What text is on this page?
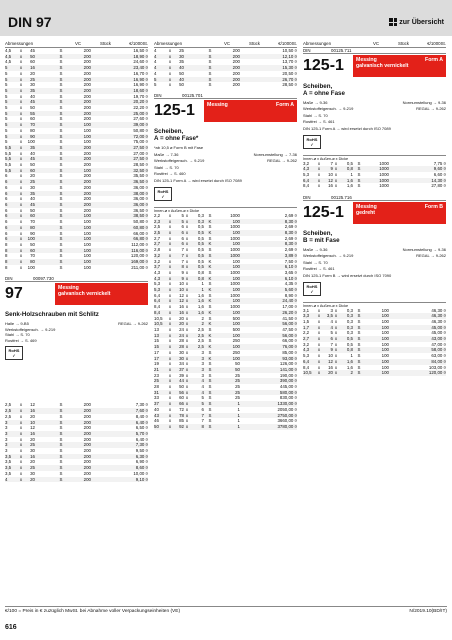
DIN 97	zur Übersicht
Abmessungen	VC	Stück	€/1000St.
4,5	x	45			S	200	16,50 ¤
4,5	x	50			S	200	18,90 ¤
4,5	x	60			S	200	24,60 ¤
5	x	16			S	200	23,40 ¤
5	x	20			S	200	16,70 ¤
5	x	25			S	200	16,90 ¤
5	x	30			S	200	16,90 ¤
5	x	35			S	200	18,60 ¤
5	x	40			S	200	19,70 ¤
5	x	45			S	200	20,20 ¤
5	x	50			S	200	22,20 ¤
5	x	55			S	200	25,00 ¤
5	x	60			S	200	27,60 ¤
5	x	70			S	100	39,00 ¤
5	x	80			S	100	50,80 ¤
5	x	90			S	100	72,00 ¤
5	x	100			S	100	75,00 ¤
5,5	x	35			S	200	27,50 ¤
5,5	x	40			S	200	27,00 ¤
5,5	x	45			S	200	27,50 ¤
5,5	x	50			S	200	28,50 ¤
5,5	x	60			S	100	32,50 ¤
6	x	20			S	200	35,50 ¤
6	x	25			S	200	36,50 ¤
6	x	30			S	200	36,00 ¤
6	x	35			S	200	38,00 ¤
6	x	40			S	200	36,00 ¤
6	x	45			S	200	36,00 ¤
6	x	50			S	200	36,50 ¤
6	x	60			S	100	38,50 ¤
6	x	70			S	100	50,80 ¤
6	x	80			S	100	60,80 ¤
6	x	90			S	100	66,00 ¤
6	x	100			S	100	66,80 ¤
8	x	50			S	100	112,00 ¤
8	x	60			S	100	116,00 ¤
8	x	70			S	100	120,00 ¤
8	x	80			S	100	169,00 ¤
8	x	100			S	100	211,00 ¤
DIN	00097.730
97	Messing
galvanisch vernickelt
Senk-Holzschrauben mit Schlitz
Halle → 9-B5	REGAL → 9-262
Werkstoffeigensch. → 9-219
Stahl → S. 70
Rostfrei → S. 469
RoHS ✓
2,5	x	12			S	200	7,30 ¤
2,5	x	16			S	200	7,60 ¤
2,5	x	20			S	200	8,40 ¤
3	x	10			S	200	6,40 ¤
3	x	12			S	200	6,50 ¤
3	x	16			S	200	5,70 ¤
3	x	20			S	200	6,40 ¤
3	x	25			S	200	7,30 ¤
3	x	30			S	200	9,50 ¤
3,5	x	16			S	200	6,30 ¤
3,5	x	20			S	200	6,90 ¤
3,5	x	25			S	200	8,60 ¤
3,5	x	30			S	200	10,00 ¤
4	x	20			S	200	9,10 ¤
Abmessungen	VC	Stück	€/1000St.
4	x	25			S	200	10,50 ¤
4	x	30			S	200	12,10 ¤
4	x	35			S	200	13,70 ¤
4	x	40			S	200	15,30 ¤
4	x	50			S	200	20,50 ¤
5	x	40			S	200	26,70 ¤
5	x	50			S	200	28,50 ¤
DIN	00125.701
125-1	Messing	Form A
Scheiben,
A = ohne Fase*
*ab 10,5 ⌀ Form B mit Fase
Maße → 7-36	Normumstellung → 7-36
Werkstoffeigensch. → 9-219	REGAL → 9-262
Stahl → S. 70
Rostfrei → S. 460
DIN 125-1 Form A → wird ersetzt durch ISO 7089
RoHS ✓
Innen-⌀ x Außen-⌀ x Dicke
2,2	x	5	x	0,3	S	1000	2,69 ¤
2,3	x	5	x	0,3	K	100	8,30 ¤
2,5	x	6	x	0,5	S	1000	2,69 ¤
2,5	x	6	x	0,5	K	100	8,30 ¤
2,7	x	6	x	0,5	S	1000	2,69 ¤
2,7	x	6	x	0,5	K	100	8,30 ¤
2,8	x	7	x	0,5	S	1000	2,69 ¤
3,2	x	7	x	0,5	S	1000	3,89 ¤
3,2	x	7	x	0,5	K	100	7,50 ¤
3,7	x	8	x	0,5	K	100	6,10 ¤
4,3	x	9	x	0,8	S	1000	3,65 ¤
4,3	x	9	x	0,8	K	100	6,10 ¤
5,3	x	10	x	1	S	1000	4,35 ¤
5,3	x	10	x	1	K	100	5,60 ¤
6,4	x	12	x	1,6	S	1000	8,90 ¤
6,4	x	12	x	1,6	K	100	24,40 ¤
8,4	x	16	x	1,6	S	1000	17,00 ¤
8,4	x	16	x	1,6	K	100	26,20 ¤
10,5	x	20	x	2	S	500	41,50 ¤
10,5	x	20	x	2	K	100	56,00 ¤
13	x	24	x	2,5	S	500	47,50 ¤
13	x	24	x	2,5	K	100	56,00 ¤
15	x	28	x	2,5	S	250	66,00 ¤
15	x	28	x	2,5	K	100	76,00 ¤
17	x	30	x	3	S	250	85,00 ¤
17	x	30	x	3	K	100	93,00 ¤
19	x	34	x	3	S	50	126,00 ¤
21	x	37	x	3	S	50	141,00 ¤
23	x	39	x	3	S	25	190,00 ¤
25	x	44	x	4	S	25	390,00 ¤
28	x	50	x	4	S	25	445,00 ¤
31	x	56	x	4	S	25	580,00 ¤
33	x	60	x	5	S	25	830,00 ¤
37	x	66	x	5	S	1	1330,00 ¤
40	x	72	x	6	S	1	2050,00 ¤
43	x	78	x	7	S	1	2750,00 ¤
46	x	85	x	7	S	1	3660,00 ¤
50	x	92	x	8	S	1	3780,00 ¤
Abmessungen	VC	Stück	€/1000St.
DIN	00125.711
125-1	Messing
galvanisch vernickelt
Form A
Scheiben,
A = ohne Fase
Maße → 9-36	Normumstellung → 9-36
Werkstoffeigensch. → 9-219	REGAL → 9-262
Stahl → S. 70
Rostfrei → S. 461
DIN 125-1 Form A → wird ersetzt durch ISO 7089
RoHS ✓
Innen-⌀ x Außen-⌀ x Dicke
3,2	x	7	x	0,5	S	1000	7,75 ¤
4,3	x	9	x	0,8	S	1000	9,60 ¤
5,3	x	10	x	1	S	1000	6,60 ¤
6,4	x	12	x	1,6	S	1000	14,30 ¤
8,4	x	16	x	1,6	S	1000	27,80 ¤
DIN	00125.716
125-1	Messing
gedreht
Form B
Scheiben,
B = mit Fase
Maße → 9-36	Normumstellung → 9-36
Werkstoffeigensch. → 9-219	REGAL → 9-262
Stahl → S. 70
Rostfrei → S. 461
DIN 125-1 Form B → wird ersetzt durch ISO 7090
RoHS ✓
Innen-⌀ x Außen-⌀ x Dicke
3,1	x	3	x	0,3	S	100	46,30 ¤
3,3	x	3,5	x	0,3	S	100	46,30 ¤
1,5	x	4	x	0,3	S	100	46,30 ¤
1,7	x	4	x	0,3	S	100	45,00 ¤
2,2	x	5	x	0,3	S	100	45,00 ¤
2,7	x	6	x	0,5	S	100	43,00 ¤
3,2	x	7	x	0,5	S	100	47,00 ¤
4,3	x	9	x	0,8	S	100	58,00 ¤
5,3	x	10	x	1	S	100	63,00 ¤
6,4	x	12	x	1,6	S	100	84,00 ¤
8,4	x	16	x	1,6	S	100	103,00 ¤
10,5	x	20	x	2	S	100	120,00 ¤
€/100 = Preis in € zuzüglich MwSt. bei Abnahme voller Verpackungseinheiten (VE)	N/2019.10(BD/IT)
616
